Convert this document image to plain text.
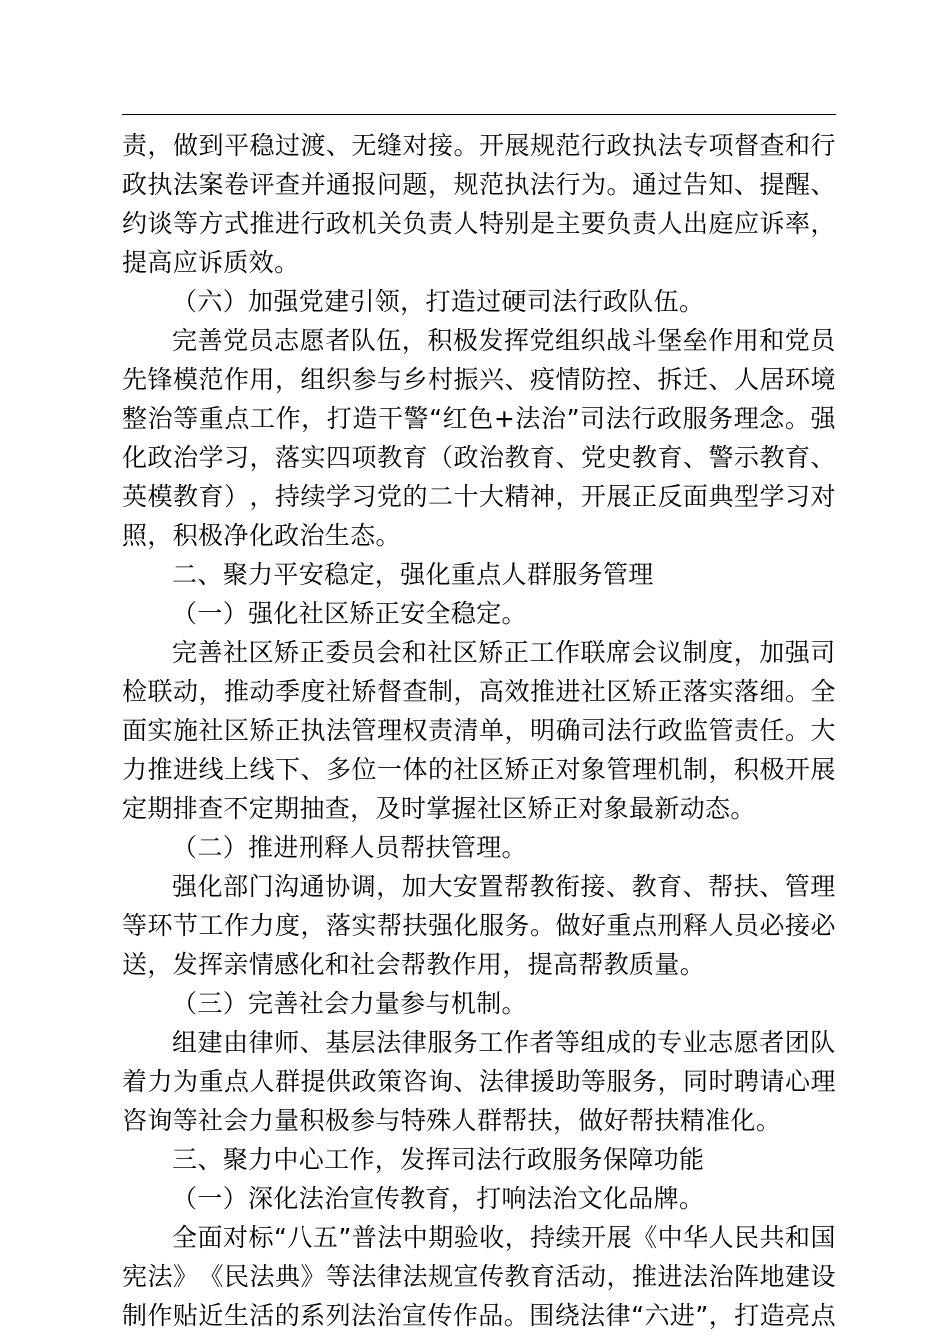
责 ， 做 到 平 稳 过 渡 、 无 缝 对 接 。 开 展 规 范 行 政 执 法 专 项 督 查 和 行
政 执 法 案 卷 评 查 并 通 报 问 题 ， 规 范 执 法 行 为 。 通 过 告 知 、 提 醒 、
约 谈 等 方 式 推 进 行 政 机 关 负 责 人 特 别 是 主 要 负 责 人 出 庭 应 诉 率 ，
提高应诉质效。
（六）加强党建引领，打造过硬司法行政队伍。
完 善 党 员 志 愿 者 队 伍 ， 积 极 发 挥 党 组 织 战 斗 堡 垒 作 用 和 党 员
先 锋 模 范 作 用 ， 组 织 参 与 乡 村 振 兴 、 疫 情 防 控 、 拆 迁 、 人 居 环 境
整 治 等 重 点 工 作 ， 打 造 干 警 “ 红 色 + 法 治 ” 司 法 行 政 服 务 理 念 。 强
化 政 治 学 习 ， 落 实 四 项 教 育 （ 政 治 教 育 、 党 史 教 育 、 警 示 教 育 、
英 模 教 育 ） ， 持 续 学 习 党 的 二 十 大 精 神 ， 开 展 正 反 面 典 型 学 习 对
照，积极净化政治生态。
二、聚力平安稳定，强化重点人群服务管理
（一）强化社区矫正安全稳定。
完 善 社 区 矫 正 委 员 会 和 社 区 矫 正 工 作 联 席 会 议 制 度 ， 加 强 司
检 联 动 ， 推 动 季 度 社 矫 督 查 制 ， 高 效 推 进 社 区 矫 正 落 实 落 细 。 全
面 实 施 社 区 矫 正 执 法 管 理 权 责 清 单 ， 明 确 司 法 行 政 监 管 责 任 。 大
力 推 进 线 上 线 下 、 多 位 一 体 的 社 区 矫 正 对 象 管 理 机 制 ， 积 极 开 展
定期排查不定期抽查，及时掌握社区矫正对象最新动态。
（二）推进刑释人员帮扶管理。
强 化 部 门 沟 通 协 调 ， 加 大 安 置 帮 教 衔 接 、 教 育 、 帮 扶 、 管 理
等 环 节 工 作 力 度 ， 落 实 帮 扶 强 化 服 务 。 做 好 重 点 刑 释 人 员 必 接 必
送，发挥亲情感化和社会帮教作用，提高帮教质量。
（三）完善社会力量参与机制。
组 建 由 律 师 、 基 层 法 律 服 务 工 作 者 等 组 成 的 专 业 志 愿 者 团 队
着 力 为 重 点 人 群 提 供 政 策 咨 询 、 法 律 援 助 等 服 务 ， 同 时 聘 请 心 理
咨询等社会力量积极参与特殊人群帮扶，做好帮扶精准化。
三、聚力中心工作，发挥司法行政服务保障功能
（一）深化法治宣传教育，打响法治文化品牌。
全 面 对 标 “ 八 五 ” 普 法 中 期 验 收 ， 持 续 开 展 《 中 华 人 民 共 和 国
宪 法 》 《 民 法 典 》 等 法 律 法 规 宣 传 教 育 活 动 ， 推 进 法 治 阵 地 建 设
制 作 贴 近 生 活 的 系 列 法 治 宣 传 作 品 。 围 绕 法 律 “ 六 进 ” ， 打 造 亮 点
